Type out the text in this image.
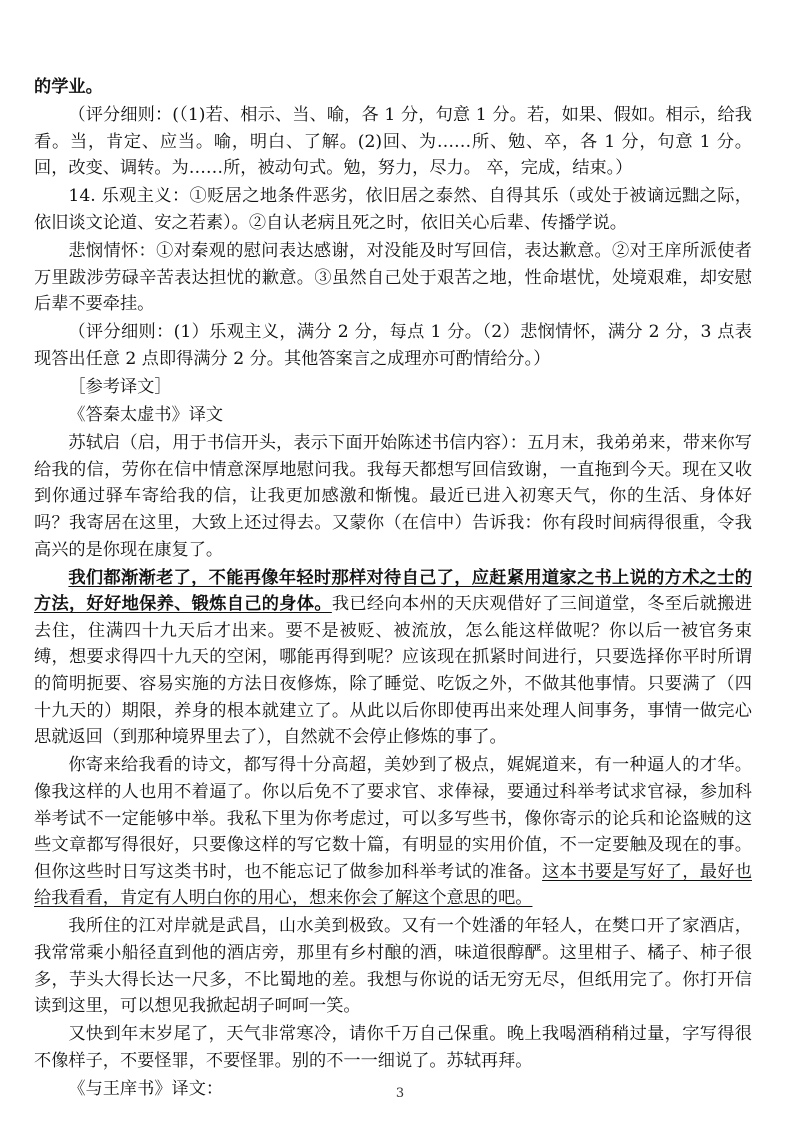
的学业。

（评分细则：(（1)若、相示、当、喻，各 1 分，句意 1 分。若，如果、假如。相示，给我看。当，肯定、应当。喻，明白、了解。(2)回、为……所、勉、卒，各 1 分，句意 1 分。回，改变、调转。为……所，被动句式。勉，努力，尽力。 卒，完成，结束。）

14. 乐观主义：①贬居之地条件恶劣，依旧居之泰然、自得其乐（或处于被谪远黜之际，依旧谈文论道、安之若素）。②自认老病且死之时，依旧关心后辈、传播学说。

悲悯情怀：①对秦观的慰问表达感谢，对没能及时写回信，表达歉意。②对王庠所派使者万里跋涉劳碌辛苦表达担忧的歉意。③虽然自己处于艰苦之地，性命堪忧，处境艰难，却安慰后辈不要牵挂。

（评分细则：(1）乐观主义，满分 2 分，每点 1 分。（2）悲悯情怀，满分 2 分，3 点表现答出任意 2 点即得满分 2 分。其他答案言之成理亦可酌情给分。）

［参考译文］

《答秦太虚书》译文

苏轼启（启，用于书信开头，表示下面开始陈述书信内容）：五月末，我弟弟来，带来你写给我的信，劳你在信中情意深厚地慰问我。我每天都想写回信致谢，一直拖到今天。现在又收到你通过驿车寄给我的信，让我更加感激和惭愧。最近已进入初寒天气，你的生活、身体好吗？我寄居在这里，大致上还过得去。又蒙你（在信中）告诉我：你有段时间病得很重，令我高兴的是你现在康复了。

我们都渐渐老了，不能再像年轻时那样对待自己了，应赶紧用道家之书上说的方术之士的方法，好好地保养、锻炼自己的身体。我已经向本州的天庆观借好了三间道堂，冬至后就搬进去住，住满四十九天后才出来。要不是被贬、被流放，怎么能这样做呢？你以后一被官务束缚，想要求得四十九天的空闲，哪能再得到呢？应该现在抓紧时间进行，只要选择你平时所谓的简明扼要、容易实施的方法日夜修炼，除了睡觉、吃饭之外，不做其他事情。只要满了（四十九天的）期限，养身的根本就建立了。从此以后你即使再出来处理人间事务，事情一做完心思就返回（到那种境界里去了），自然就不会停止修炼的事了。

你寄来给我看的诗文，都写得十分高超，美妙到了极点，娓娓道来，有一种逼人的才华。像我这样的人也用不着逼了。你以后免不了要求官、求俸禄，要通过科举考试求官禄，参加科举考试不一定能够中举。我私下里为你考虑过，可以多写些书，像你寄示的论兵和论盗贼的这些文章都写得很好，只要像这样的写它数十篇，有明显的实用价值，不一定要触及现在的事。但你这些时日写这类书时，也不能忘记了做参加科举考试的准备。这本书要是写好了，最好也给我看看，肯定有人明白你的用心，想来你会了解这个意思的吧。

我所住的江对岸就是武昌，山水美到极致。又有一个姓潘的年轻人，在樊口开了家酒店，我常常乘小船径直到他的酒店旁，那里有乡村酿的酒，味道很醇酽。这里柑子、橘子、柿子很多，芋头大得长达一尺多，不比蜀地的差。我想与你说的话无穷无尽，但纸用完了。你打开信读到这里，可以想见我掀起胡子呵呵一笑。

又快到年末岁尾了，天气非常寒冷，请你千万自己保重。晚上我喝酒稍稍过量，字写得很不像样子，不要怪罪，不要怪罪。别的不一一细说了。苏轼再拜。

《与王庠书》译文：	3
